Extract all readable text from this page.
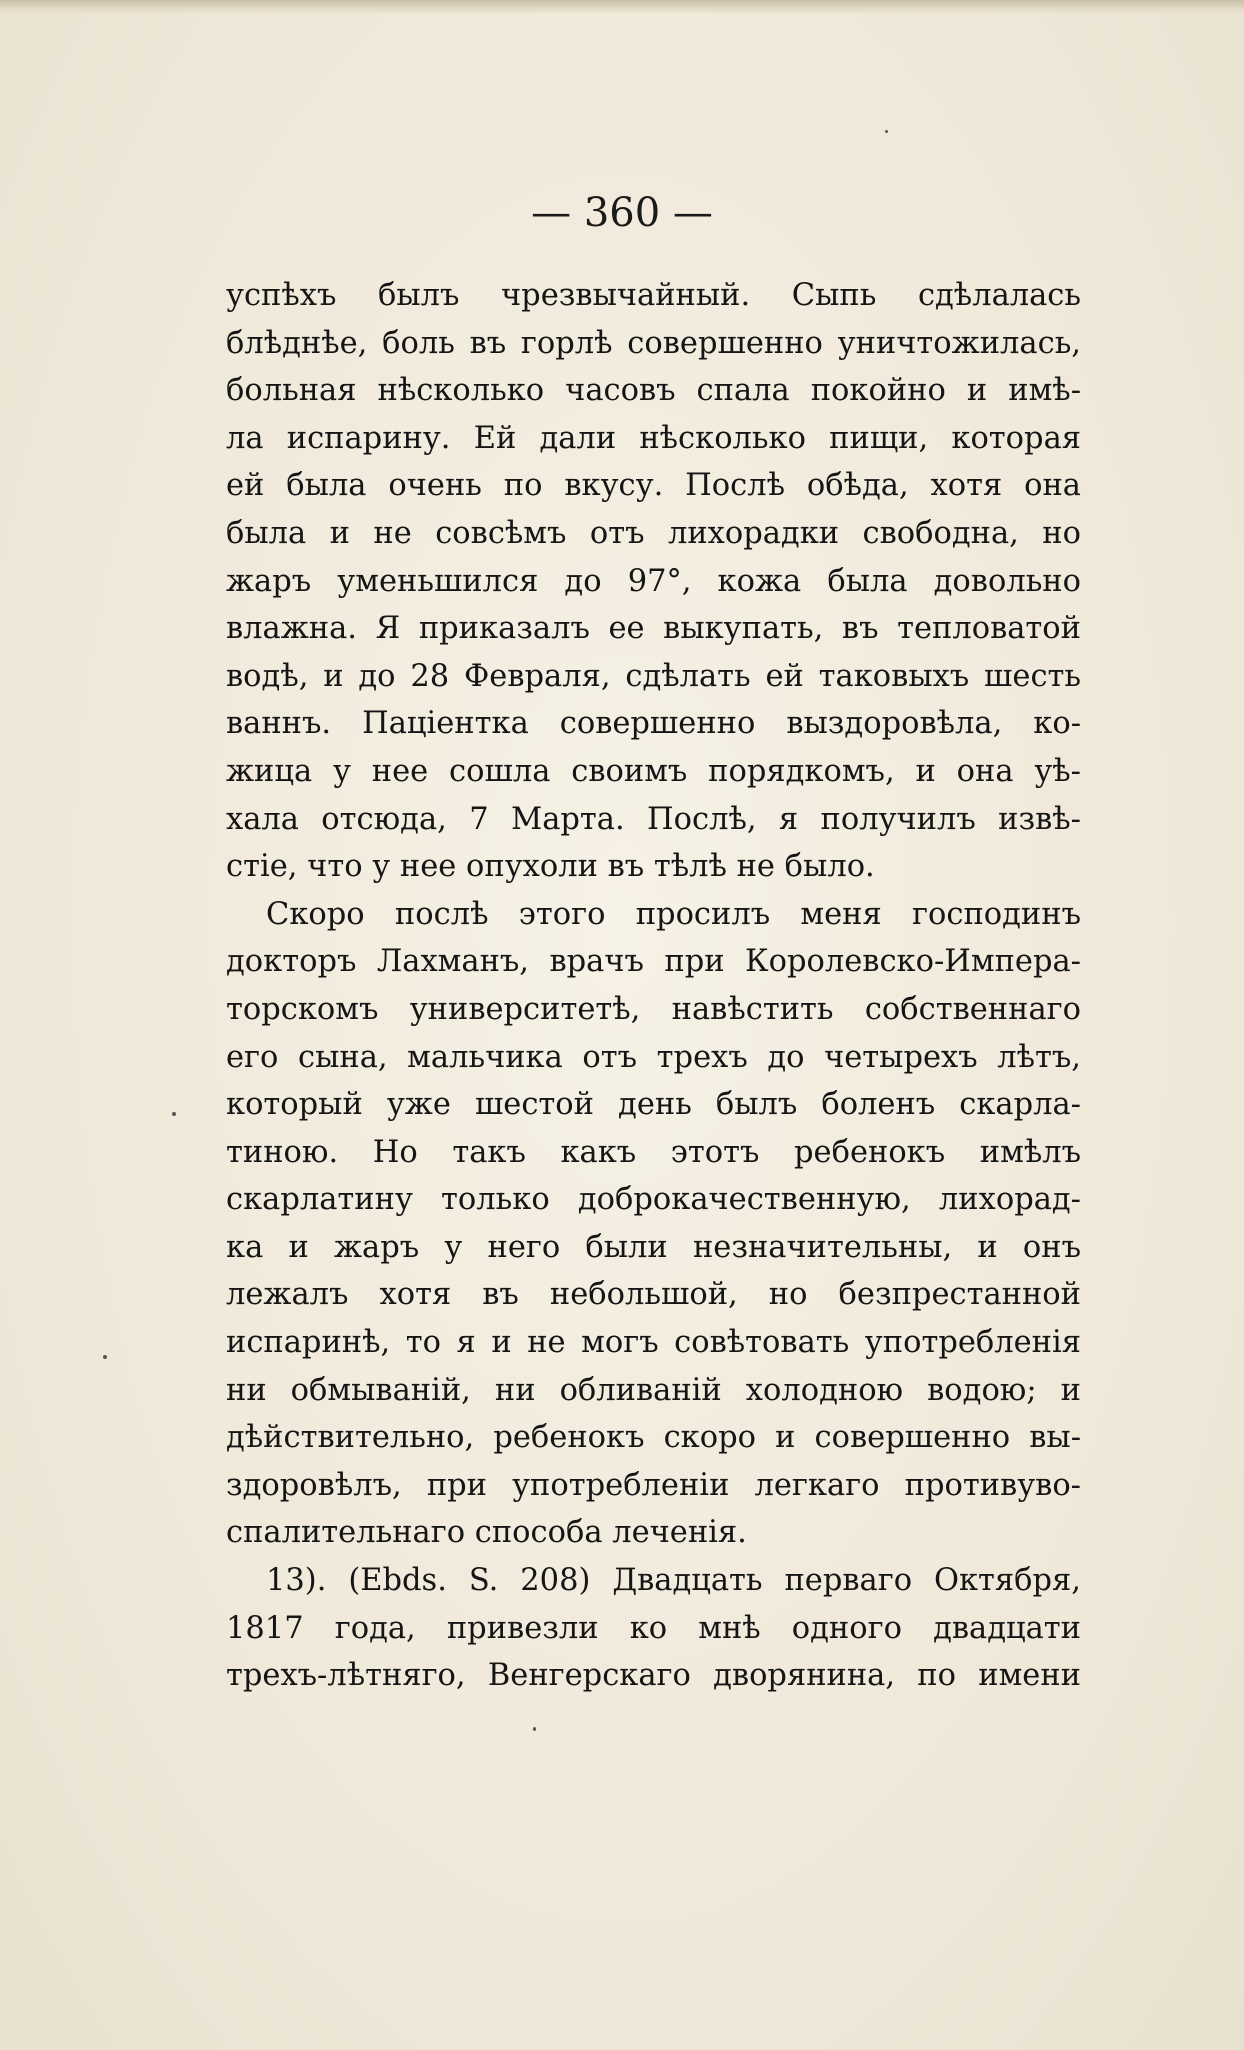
— 360 —
успѣхъ былъ чрезвычайный. Сыпь сдѣлалась
блѣднѣе, боль въ горлѣ совершенно уничтожилась,
больная нѣсколько часовъ спала покойно и имѣ-
ла испарину. Ей дали нѣсколько пищи, которая
ей была очень по вкусу. Послѣ обѣда, хотя она
была и не совсѣмъ отъ лихорадки свободна, но
жаръ уменьшился до 97°, кожа была довольно
влажна. Я приказалъ ее выкупать, въ тепловатой
водѣ, и до 28 Февраля, сдѣлать ей таковыхъ шесть
ваннъ. Паціентка совершенно выздоровѣла, ко-
жица у нее сошла своимъ порядкомъ, и она уѣ-
хала отсюда, 7 Марта. Послѣ, я получилъ извѣ-
стіе, что у нее опухоли въ тѣлѣ не было.
Скоро послѣ этого просилъ меня господинъ
докторъ Лахманъ, врачъ при Королевско-Импера-
торскомъ университетѣ, навѣстить собственнаго
его сына, мальчика отъ трехъ до четырехъ лѣтъ,
который уже шестой день былъ боленъ скарла-
тиною. Но такъ какъ этотъ ребенокъ имѣлъ
скарлатину только доброкачественную, лихорад-
ка и жаръ у него были незначительны, и онъ
лежалъ хотя въ небольшой, но безпрестанной
испаринѣ, то я и не могъ совѣтовать употребленія
ни обмываній, ни обливаній холодною водою; и
дѣйствительно, ребенокъ скоро и совершенно вы-
здоровѣлъ, при употребленіи легкаго противуво-
спалительнаго способа леченія.
13). (Ebds. S. 208) Двадцать перваго Октября,
1817 года, привезли ко мнѣ одного двадцати
трехъ-лѣтняго, Венгерскаго дворянина, по имени
